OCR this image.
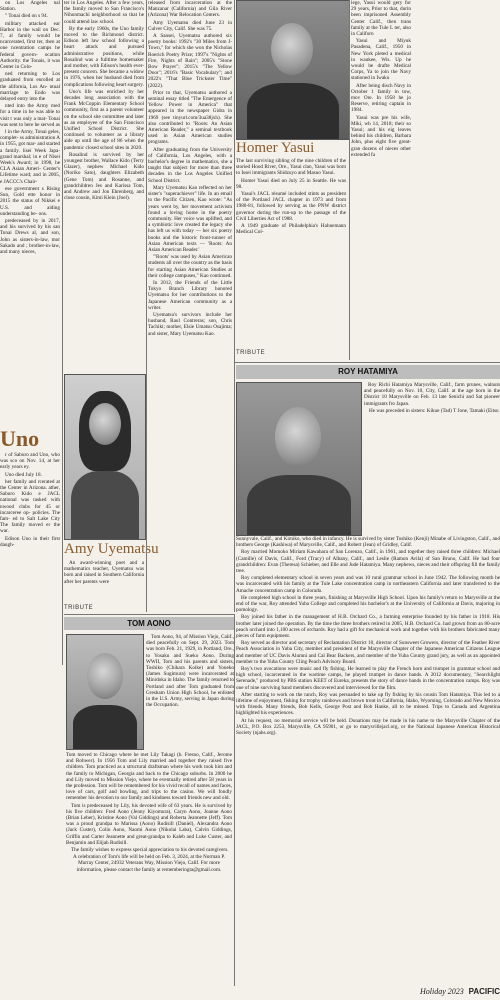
on Los Angeles nal Station.

" Tonai died on s 94.

military attacked ear Harbor in the wail on Dec. 7, al family would be ncarcerated, first ter, then at one ncentration camps he federal govern- ocation Authority. the Tonais, it was Center in Colo-

ned returning to Los graduated from enrolled at the alifornia, Los An- ntual marriage to Endo was delayed entry into the

nted into the Army med for a time in he was able to visit t was only a mat- Tonai was sent to here he served as

l in the Army, Tonai geles, complet- ss administration A in 1955, got mar- and started a family. lisei Week Japa- grand marshal; in e of Nisei Week's Award; in 1998, he CLA Asian Ameri- Center's Lifetime ward; and in 2005, e JACCC's Chair-

ese government s Rising Sun, Gold ette honor in 2015 the status of Nikkei e U.S. and aiding understanding be- ons.

predeceased by in 2017, and his survived by his san Tonai Drews al, and son, John as sisters-in-law, mor Sakado and ; brother-in-law, and many nieces,

Uno

r of Saburo and Uno, who was sco on Nov. 14, at her early years ey.

Uno died July 18.

her family and rcerated at the Center in Arizona. ather, Saburo Kido e JACL national was tasked with nwood clubs for 45 or incarceree op- policies. The fam- ed to Salt Lake City The family moved er the war.

Edison Uno in their first daugh-

ter in Los Angeles. After a few years, the family moved to San Francisco's Nihonmachi neighborhood so that he could attend law school.

By the early 1960s, the Uno family moved to the Richmond district. Edison left law school following a heart attack and pursued administrative positions, while Rosalind was a fulltime homemaker and mother, with Edison's health ever-present concern. She became a widow in 1976, when her husband died from complications following heart surgery.

Uno's life was enriched by her decades long association with the Frank McCoppin Elementary School community, first as a parent volunteer on the school site committee and later as an employee of the San Francisco Unified School District. She continued to volunteer as a library aide up until the age of 86 when the pandemic closed school sites in 2020.

Rosalind is survived by her youngest brother, Wallace Kido (Terry Glazer), nephew Michael Kido (Noriko Sato), daughters Elizabeth (Gene Tom) and Rosanne, and grandchildren Jes and Karissa Tom, and Andrew and Jon Ehrenberg, and close cousin, Kimi Klein (Joel).

Amy Uyematsu

An award-winning poet and a mathematics teacher, Uyematsu was born and raised in Southern California after her parents were

TRIBUTE

released from incarceration at the Manzanar (California) and Gila River (Arizona) War Relocation Centers.

Amy Uyematsu died June 23 in Culver City, Calif. She was 75.

A Sansei, Uyematsu authored six poetry books: 1992's "30 Miles from J-Town," for which she won the Nicholas Roerich Poetry Prize; 1997's "Nights of Fire, Nights of Rain"; 2005's "Stone Bow Prayer"; 2015's "The Yellow Door"; 2016's "Basic Vocabulary"; and 2022's "That Blue Trickster Time" (2022).

Prior to that, Uyematsu authored a seminal essay titled "The Emergence of Yellow Power in America" that appeared in the newspaper Gidra in 1969 (see tinyurl.com/3ua38jxh). She also contributed to "Roots: An Asian American Reader," a seminal textbook used in Asian American studies programs.

After graduating from the University of California, Los Angeles, with a bachelor's degree in mathematics, she a taught that subject for more than three decades in the Los Angeles Unified School District.

Mary Uyematsu Kao reflected on her sister's "superachiever" life. In an email to the Pacific Citizen, Kao wrote: "As years went by, her movement activism found a loving home in the poetry community. Her voice was uplifted, and a symbiotic love created the legacy she has left us with today — her six poetry books and the historic front-runner of Asian American texts — 'Roots: An Asian American Reader.'

"'Roots' was used by Asian American students all over the country as the basis for starting Asian American Studies at their college campuses," Kao continued.

In 2012, the Friends of the Little Tokyo Branch Library honored Uyematsu for her contributions to the Japanese American community as a writer.

Uyematsu's survivors include her husband, Raul Contreras; son, Chris Tachiki; mother, Elsie Umatsu Osajima; and sister, Mary Uyematsu Kao.

Homer Yasui

The last surviving sibling of the nine children of the storied Hood River, Ore., Yasui clan, Yasui was born to Issei immigrants Shidzuyo and Masuo Yasui.

Homer Yasui died on July 25 in Seattle. He was 98.

Yasui's JACL résumé included stints as president of the Portland JACL chapter in 1973 and from 1980-81, followed by serving as the PNW district governor during the run-up to the passage of the Civil Liberties Act of 1988.

A 1949 graduate of Philadelphia's Hahnemann Medical Col-

TRIBUTE

lege, Yasui would gery for 29 years, Prior to that, durin been imprisoned Assembly Center Calif., then trans family at the Tule L ter, also in Californ

Yasui and Miyuk Pasadena, Calif., 1950 in New York pleted a medical in waukee, Wis. Up he would be drafte Medical Corps, Ya to join the Navy stationed in Iwaku

After being disch Navy in October 1 family in tow, mov Ore. In 1958 he jo Reserve, retiring captain in 1984.

Yasui was pre his wife, Miki, wh 14, 2018; their so Yasui; and his eig leaves behind his children, Barbara John, plus eight five great-gran dozens of nieces other extended fa

ROY HATAMIYA

Roy Richi Hatamiya Marysville, Calif., farm prunes, walnuts and peacefully on Nov. 10, City, Calif. at the age born in the District 10 Marysville on Feb. 13 late Senichi and Sat pioneer immigrants fro Japan.

He was preceded in sisters: Kikue (Tad) T Jone, Tamaki (Eitsu

Sunnyvale, Calif., and Kimiko, who died in infancy. He is survived by sister Toshiko (Kenji) Minabe of Livingston, Calif., and brothers George (Kashiwa) of Marysville, Calif., and Robert (Jean) of Gridley, Calif.

Roy married Momoko Miriam Kawahara of San Lorenzo, Calif., in 1961, and together they raised three children: Michael (Camille) of Davis, Calif., Ford (Tracy) of Albany, Calif., and Leslie (Ramon Avila) of San Bruno, Calif. He had four grandchildren: Evan (Theresa) Schieber, and Elle and Jude Hatamiya. Many nephews, nieces and their offspring fill the family tree.

Roy completed elementary school in seven years and was 10 rural grammar school in June 1942. The following month he was incarcerated with his family at the Tule Lake concentration camp in northeastern California and later transferred to the Amache concentration camp in Colorado.

He completed high school in three years, finishing at Marysville High School. Upon his family's return to Marysville at the end of the war, Roy attended Yuba College and completed his bachelor's at the University of California at Davis, majoring in pomology.

Roy joined his father in the management of H.B. Orchard Co., a farming enterprise founded by his father in 1918. His brother later joined the operation. By the time the three brothers retired in 2005, H.B. Orchard Co. had grown from an 80-acre peach orchard into 1,100 acres of orchards. Roy had a gift for mechanical work and together with his brothers fabricated many pieces of farm equipment.

Roy served as director and secretary of Reclamation District 10, director of Sunsweet Growers, director of the Feather River Peach Association in Yuba City, member and president of the Marysville Chapter of the Japanese American Citizens League and member of UC Davis Alumni and Cal Bear Backers, and member of the Yuba County grand jury, as well as an appointed member to the Yuba County Cling Peach Advisory Board.

Roy's two avocations were music and fly fishing. He learned to play the French horn and trumpet in grammar school and high school, incarcerated in the wartime camps, he played trumpet in dance bands. A 2012 documentary, "Searchlight Serenade," produced by PBS station KEET of Eureka, presents the story of dance bands in the concentration camps. Roy was one of nine surviving band members discovered and interviewed for the film.

After starting to work on the ranch, Roy was persuaded to take up fly fishing by his cousin Tom Hatamiya. This led to a lifetime of enjoyment, fishing for trophy rainbows and brown trout in California, Idaho, Wyoming, Colorado and New Mexico with friends. Many friends, Bob Kells, George Post and Bob Hanke, all to be missed. Trips to Canada and Argentina highlighted his experiences.

At his request, no memorial service will be held. Donations may be made in his name to the Marysville Chapter of the JACL, P.O. Box 2253, Marysville, CA 95901, or go to marysvillejacl.org, or the National Japanese American Historical Society (njahs.org).

TOM AONO

Tom Aono, 94, of Mission Viejo, Calif., died peacefully on Sept. 29, 2023. Tom was born Feb. 21, 1929, in Portland, Ore., to Yosaku and Sueko Aono. During WWII, Tom and his parents and sisters, Toshiko (Chikara Koike) and Yoneko (James Sugimura) were incarcerated at Minidoka in Idaho. The family returned to Portland and after Tom graduated from Gresham Union High School, he enlisted in the U.S. Army, serving in Japan during the Occupation.

Tom moved to Chicago where he met Lily Takagi (b. Fresno, Calif., Jerome and Rohwer). In 1956 Tom and Lily married and together they raised five children. Tom practiced as a structural draftsman where his work took him and the family to Michigan, Georgia and back to the Chicago suburbs. In 2000 he and Lily moved to Mission Viejo, where he eventually retired after 58 years in the profession. Tom will be remembered for his vivid recall of names and faces, love of cars, golf and bowling, and trips to the casino. We will fondly remember his devotion to our family and kindness toward friends new and old.

Tom is predeceased by Lily, his devoted wife of 63 years. He is survived by his five children: Fred Aono (Jenny Kiyomura), Caryn Aono, Joanne Aono (Brian Leber), Kristine Aono (Val Giddings) and Roberta Jeannette (Jeff). Tom was a proud grandpa to Marissa (Aono) Rudisill (Daniel), Alexandra Aono (Jack Custer), Colin Aono, Naomi Aono (Nikolai Laba), Calvin Giddings, Griffin and Carter Jeannette and great-grandpa to Kaleb and Luke Custer, and Benjamin and Elijah Rudisill.

The family wishes to express special appreciation to his devoted caregivers.

A celebration of Tom's life will be held on Feb. 3, 2024, at the Norman P. Murray Center, 24932 Veterans Way, Mission Viejo, Calif. For more information, please contact the family at rememberingta@gmail.com.

Holiday 2023 PACIFIC
